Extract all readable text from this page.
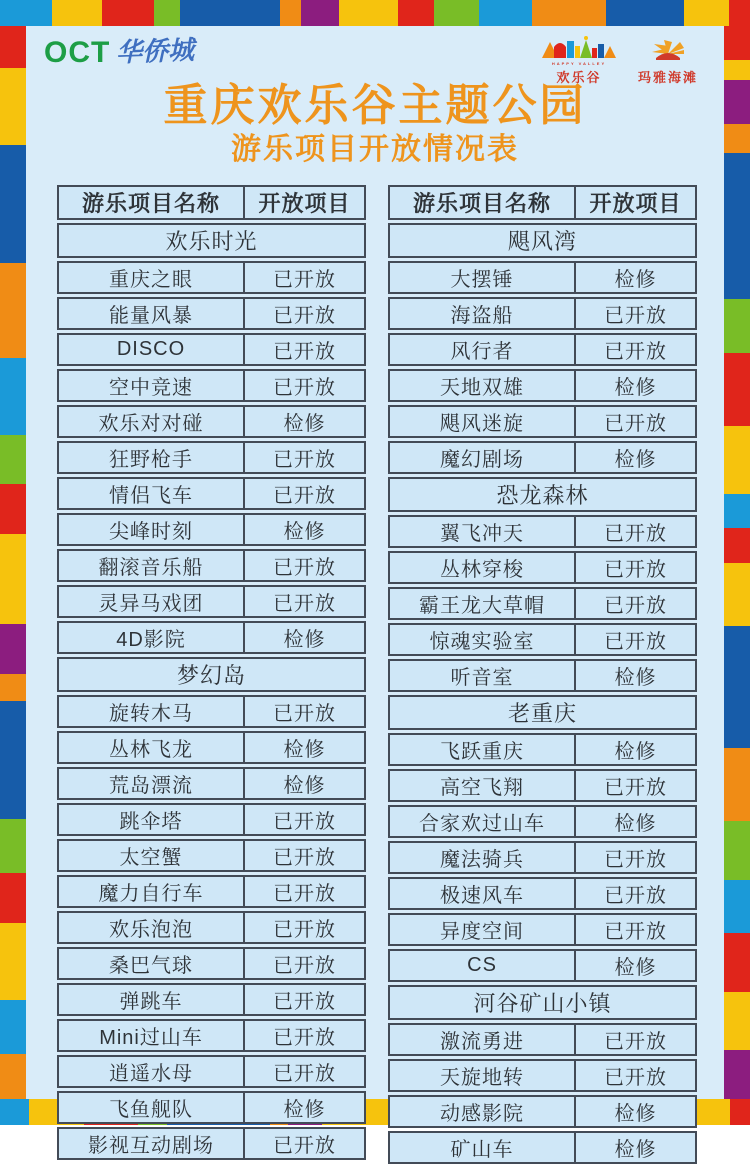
OCT 华侨城	HAPPY VALLEY
欢乐谷	玛雅海滩
重庆欢乐谷主题公园
游乐项目开放情况表
游乐项目名称	开放项目
欢乐时光
重庆之眼	已开放
能量风暴	已开放
DISCO	已开放
空中竞速	已开放
欢乐对对碰	检修
狂野枪手	已开放
情侣飞车	已开放
尖峰时刻	检修
翻滚音乐船	已开放
灵异马戏团	已开放
4D影院	检修
梦幻岛
旋转木马	已开放
丛林飞龙	检修
荒岛漂流	检修
跳伞塔	已开放
太空蟹	已开放
魔力自行车	已开放
欢乐泡泡	已开放
桑巴气球	已开放
弹跳车	已开放
Mini过山车	已开放
逍遥水母	已开放
飞鱼舰队	检修
影视互动剧场	已开放
游乐项目名称	开放项目
飓风湾
大摆锤	检修
海盗船	已开放
风行者	已开放
天地双雄	检修
飓风迷旋	已开放
魔幻剧场	检修
恐龙森林
翼飞冲天	已开放
丛林穿梭	已开放
霸王龙大草帽	已开放
惊魂实验室	已开放
听音室	检修
老重庆
飞跃重庆	检修
高空飞翔	已开放
合家欢过山车	检修
魔法骑兵	已开放
极速风车	已开放
异度空间	已开放
CS	检修
河谷矿山小镇
激流勇进	已开放
天旋地转	已开放
动感影院	检修
矿山车	检修
